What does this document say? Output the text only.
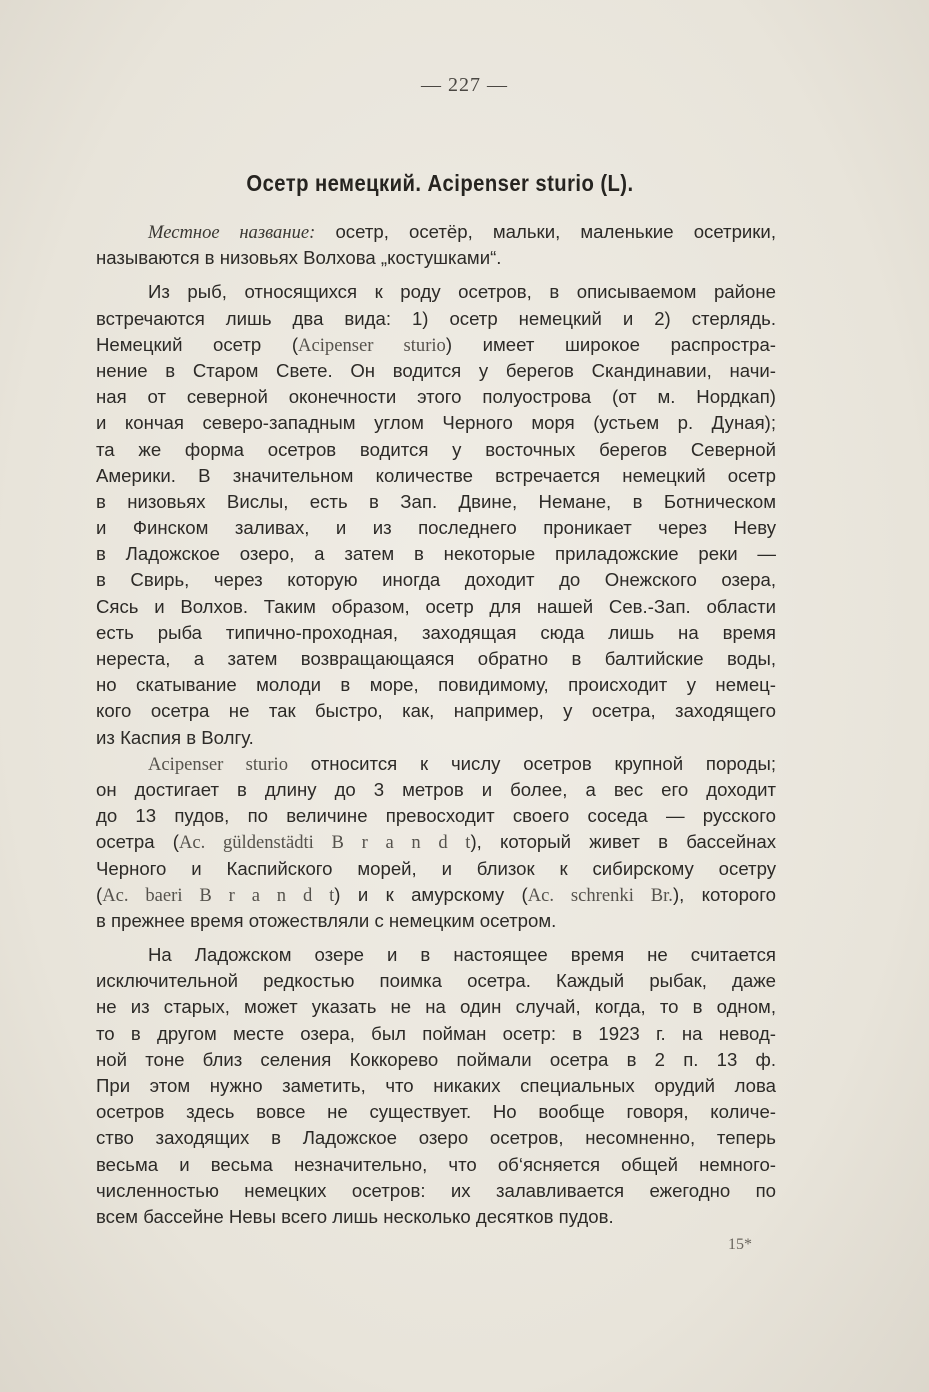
— 227 —
Осетр немецкий. Acipenser sturio (L).
Местное название: осетр, осетёр, мальки, маленькие осетрики,
называются в низовьях Волхова „костушками“.
Из рыб, относящихся к роду осетров, в описываемом районе
встречаются лишь два вида: 1) осетр немецкий и 2) стерлядь.
Немецкий осетр (Acipenser sturio) имеет широкое распростра-
нение в Старом Свете. Он водится у берегов Скандинавии, начи-
ная от северной оконечности этого полуострова (от м. Нордкап)
и кончая северо-западным углом Черного моря (устьем р. Дуная);
та же форма осетров водится у восточных берегов Северной
Америки. В значительном количестве встречается немецкий осетр
в низовьях Вислы, есть в Зап. Двине, Немане, в Ботническом
и Финском заливах, и из последнего проникает через Неву
в Ладожское озеро, а затем в некоторые приладожские реки —
в Свирь, через которую иногда доходит до Онежского озера,
Сясь и Волхов. Таким образом, осетр для нашей Сев.-Зап. области
есть рыба типично-проходная, заходящая сюда лишь на время
нереста, а затем возвращающаяся обратно в балтийские воды,
но скатывание молоди в море, повидимому, происходит у немец-
кого осетра не так быстро, как, например, у осетра, заходящего
из Каспия в Волгу.
Acipenser sturio относится к числу осетров крупной породы;
он достигает в длину до 3 метров и более, а вес его доходит
до 13 пудов, по величине превосходит своего соседа — русского
осетра (Ac. güldenstädti B r a n d t), который живет в бассейнах
Черного и Каспийского морей, и близок к сибирскому осетру
(Ac. baeri B r a n d t) и к амурскому (Ac. schrenki Br.), которого
в прежнее время отожествляли с немецким осетром.
На Ладожском озере и в настоящее время не считается
исключительной редкостью поимка осетра. Каждый рыбак, даже
не из старых, может указать не на один случай, когда, то в одном,
то в другом месте озера, был пойман осетр: в 1923 г. на невод-
ной тоне близ селения Коккорево поймали осетра в 2 п. 13 ф.
При этом нужно заметить, что никаких специальных орудий лова
осетров здесь вовсе не существует. Но вообще говоря, количе-
ство заходящих в Ладожское озеро осетров, несомненно, теперь
весьма и весьма незначительно, что об‘ясняется общей немного-
численностью немецких осетров: их залавливается ежегодно по
всем бассейне Невы всего лишь несколько десятков пудов.
15*
